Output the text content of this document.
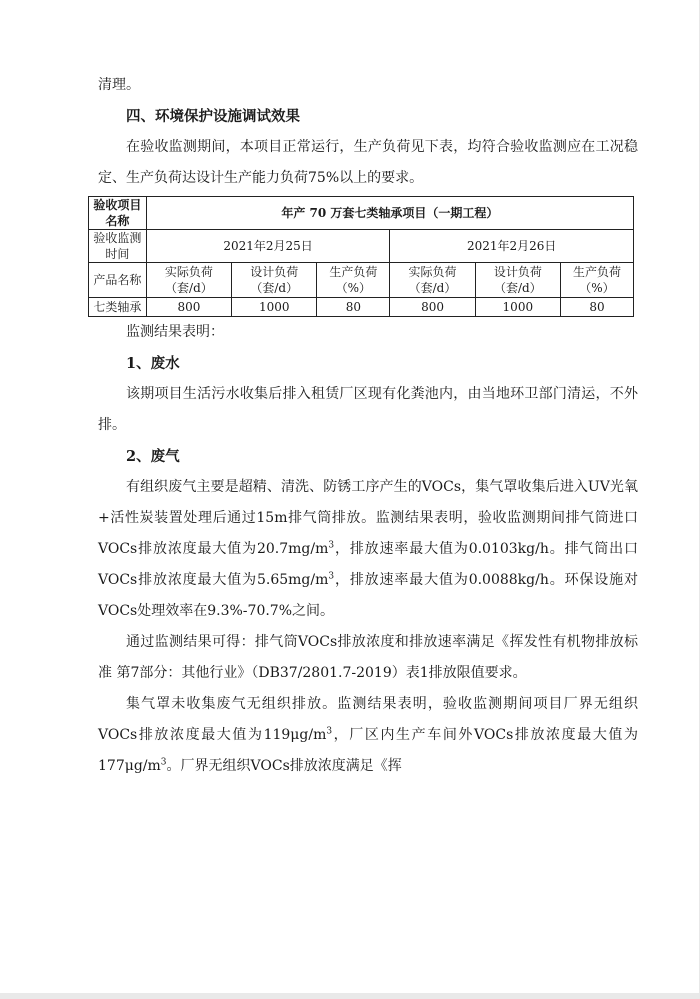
清理。

四、环境保护设施调试效果

在验收监测期间，本项目正常运行，生产负荷见下表，均符合验收监测应在工况稳定、生产负荷达设计生产能力负荷75%以上的要求。

验收项目名称	年产 70 万套七类轴承项目（一期工程）					
验收监测时间	2021年2月25日			2021年2月26日		
产品名称	实际负荷（套/d）	设计负荷（套/d）	生产负荷（%）	实际负荷（套/d）	设计负荷（套/d）	生产负荷（%）
七类轴承	800	1000	80	800	1000	80

监测结果表明：

1、废水

该期项目生活污水收集后排入租赁厂区现有化粪池内，由当地环卫部门清运，不外排。

2、废气

有组织废气主要是超精、清洗、防锈工序产生的VOCs，集气罩收集后进入UV光氧+活性炭装置处理后通过15m排气筒排放。监测结果表明，验收监测期间排气筒进口VOCs排放浓度最大值为$20.7mg/m^3$，排放速率最大值为0.0103kg/h。排气筒出口VOCs排放浓度最大值为$5.65mg/m^3$，排放速率最大值为0.0088kg/h。环保设施对VOCs处理效率在9.3%-70.7%之间。

通过监测结果可得：排气筒VOCs排放浓度和排放速率满足《挥发性有机物排放标准 第7部分：其他行业》（DB37/2801.7-2019）表1排放限值要求。

集气罩未收集废气无组织排放。监测结果表明，验收监测期间项目厂界无组织VOCs排放浓度最大值为$119\mu g/m^3$，厂区内生产车间外VOCs排放浓度最大值为$177\mu g/m^3$。厂界无组织VOCs排放浓度满足《挥
